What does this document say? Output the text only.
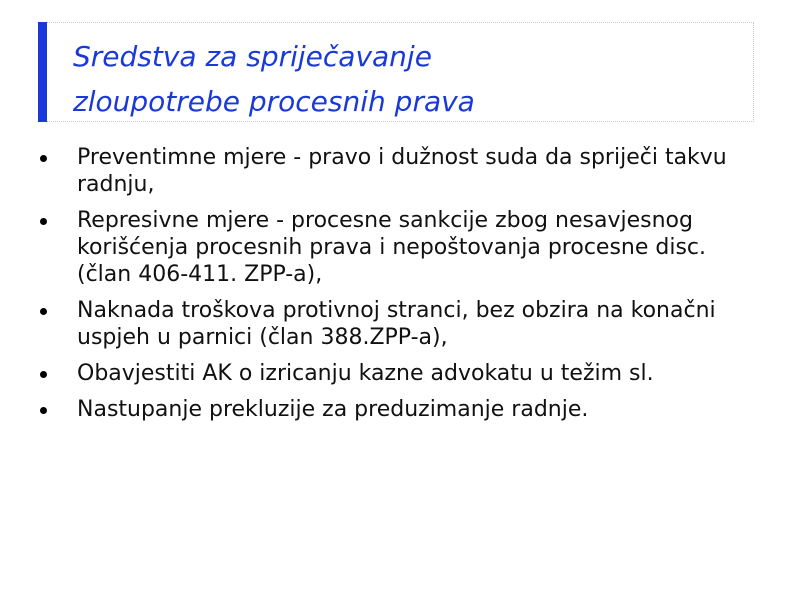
Sredstva za spriječavanje
zloupotrebe procesnih prava
Preventimne mjere - pravo i dužnost suda da spriječi takvu radnju,
Represivne mjere - procesne sankcije zbog nesavjesnog korišćenja procesnih prava i nepoštovanja procesne disc. (član 406-411. ZPP-a),
Naknada troškova protivnoj stranci, bez obzira na konačni uspjeh u parnici (član 388.ZPP-a),
Obavjestiti AK o izricanju kazne advokatu u težim sl.
Nastupanje prekluzije za preduzimanje radnje.
